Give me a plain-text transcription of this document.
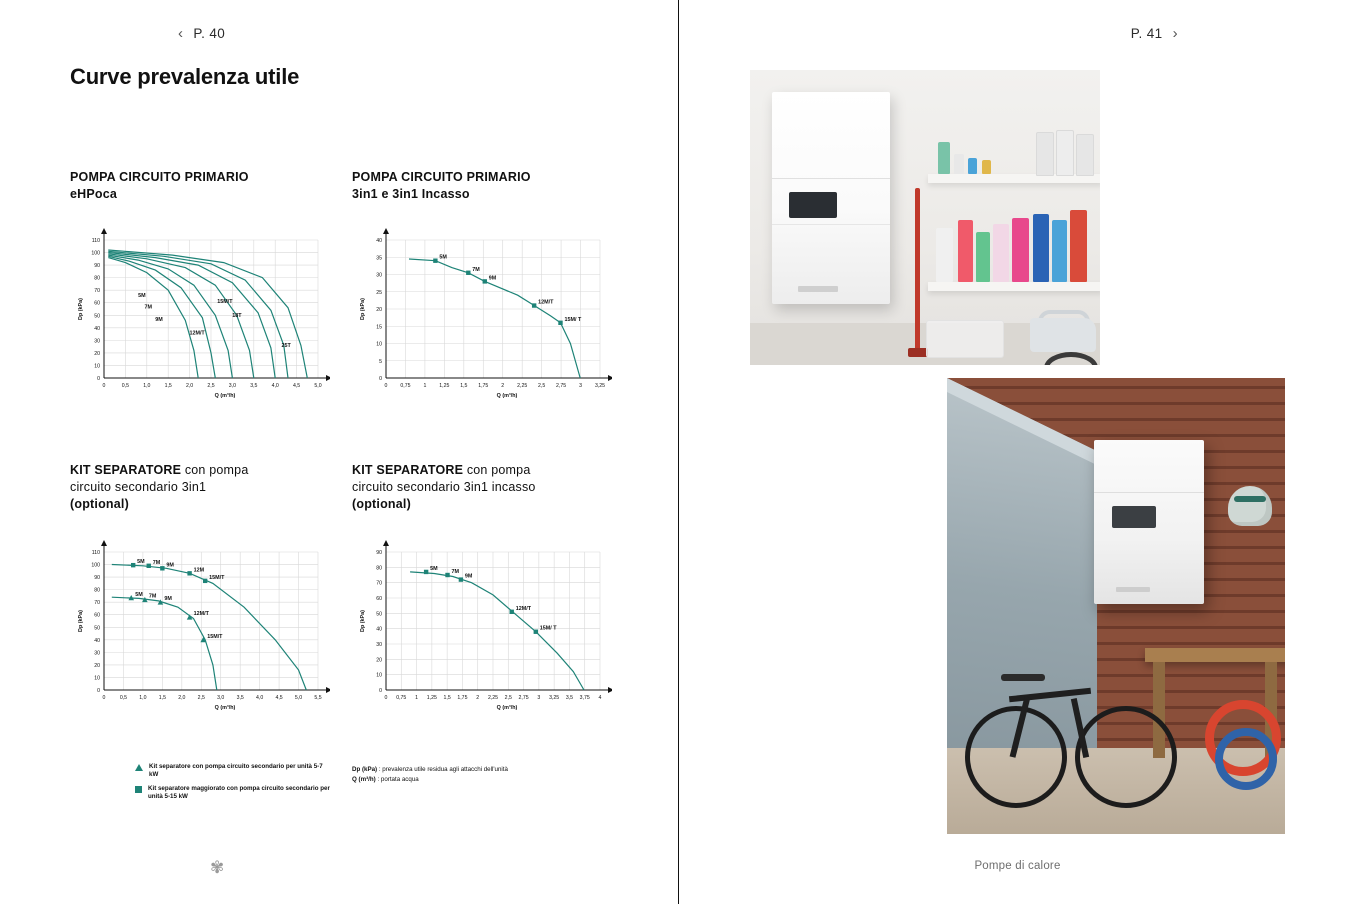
‹ P. 40
Curve prevalenza utile
POMPA CIRCUITO PRIMARIO
eHPoca
POMPA CIRCUITO PRIMARIO
3in1 e 3in1 Incasso
KIT SEPARATORE con pompa
circuito secondario 3in1
(optional)
KIT SEPARATORE con pompa
circuito secondario 3in1 incasso
(optional)
0	0,5	1,0	1,5	2,0	2,5	3,0	3,5	4,0	4,5	5,0
0
10
20
30
40
50
60
70
80
90
100
110
Q (m³/h)
Dp (kPa)
5M
7M
9M
12M/T
15M/T
18T
25T
0 0,75 1 1,25 1,5 1,75 2 2,25 2,5 2,75 3 3,25
0
5
10
15
20
25
30
35
40
Q (m³/h)
Dp (kPa)
5M
7M
9M
12M/T
15M/ T
0	0,5 1,0 1,5 2,0 2,5 3,0 3,5 4,0 4,5 5,0 5,5
0
10
20
30
40
50
60
70
80
90
100
110
Q (m³/h)
Dp (kPa)
5M 7M 9M
12M
15M/T
5M 7M 9M
12M/T
15M/T
0 0,75 1 1,25 1,5 1,75 2 2,25 2,5 2,75 3 3,25 3,5 3,75 4
0
10
20
30
40
50
60
70
80
90
Q (m³/h)
Dp (kPa)
5M
7M
9M
12M/T
15M/ T
Kit separatore con pompa circuito secondario per unità 5-7 kW
Kit separatore maggiorato con pompa circuito secondario per unità 5-15 kW
Dp (kPa) : prevalenza utile residua agli attacchi dell'unità
Q (m³/h) : portata acqua
✾
P. 41 ›
Pompe di calore
